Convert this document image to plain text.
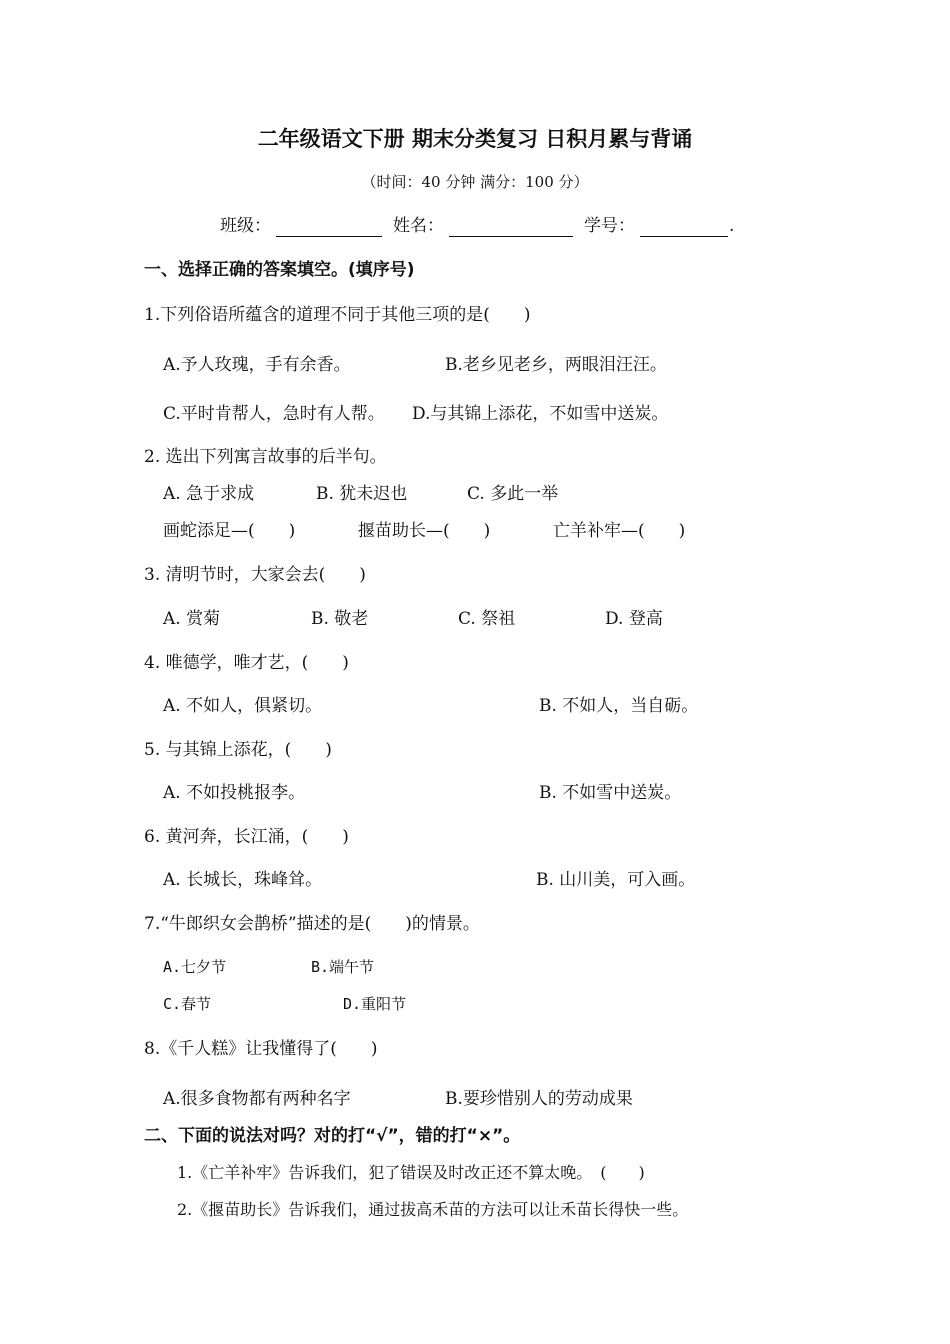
二年级语文下册 期末分类复习 日积月累与背诵
（时间：40 分钟 满分：100 分）
班级：	姓名：	学号：	.
一、选择正确的答案填空。(填序号)
1.下列俗语所蕴含的道理不同于其他三项的是(　　)
A.予人玫瑰，手有余香。	B.老乡见老乡，两眼泪汪汪。
C.平时肯帮人，急时有人帮。 D.与其锦上添花，不如雪中送炭。
2. 选出下列寓言故事的后半句。
A. 急于求成	B. 犹未迟也	C. 多此一举
画蛇添足—(　　)	揠苗助长—(　　)	亡羊补牢—(　　)
3. 清明节时，大家会去(　　)
A. 赏菊	B. 敬老	C. 祭祖	D. 登高
4. 唯德学，唯才艺，(　　)
A. 不如人，俱紧切。	B. 不如人，当自砺。
5. 与其锦上添花，(　　)
A. 不如投桃报李。	B. 不如雪中送炭。
6. 黄河奔，长江涌，(　　)
A. 长城长，珠峰耸。	B. 山川美，可入画。
7.“牛郎织女会鹊桥”描述的是(　　)的情景。
A.七夕节	B.端午节
C.春节	D.重阳节
8.《千人糕》让我懂得了(　　)
A.很多食物都有两种名字	B.要珍惜别人的劳动成果
二、下面的说法对吗？对的打“√”，错的打“×”。
1.《亡羊补牢》告诉我们，犯了错误及时改正还不算太晚。　(　　)
2.《揠苗助长》告诉我们，通过拔高禾苗的方法可以让禾苗长得快一些。
